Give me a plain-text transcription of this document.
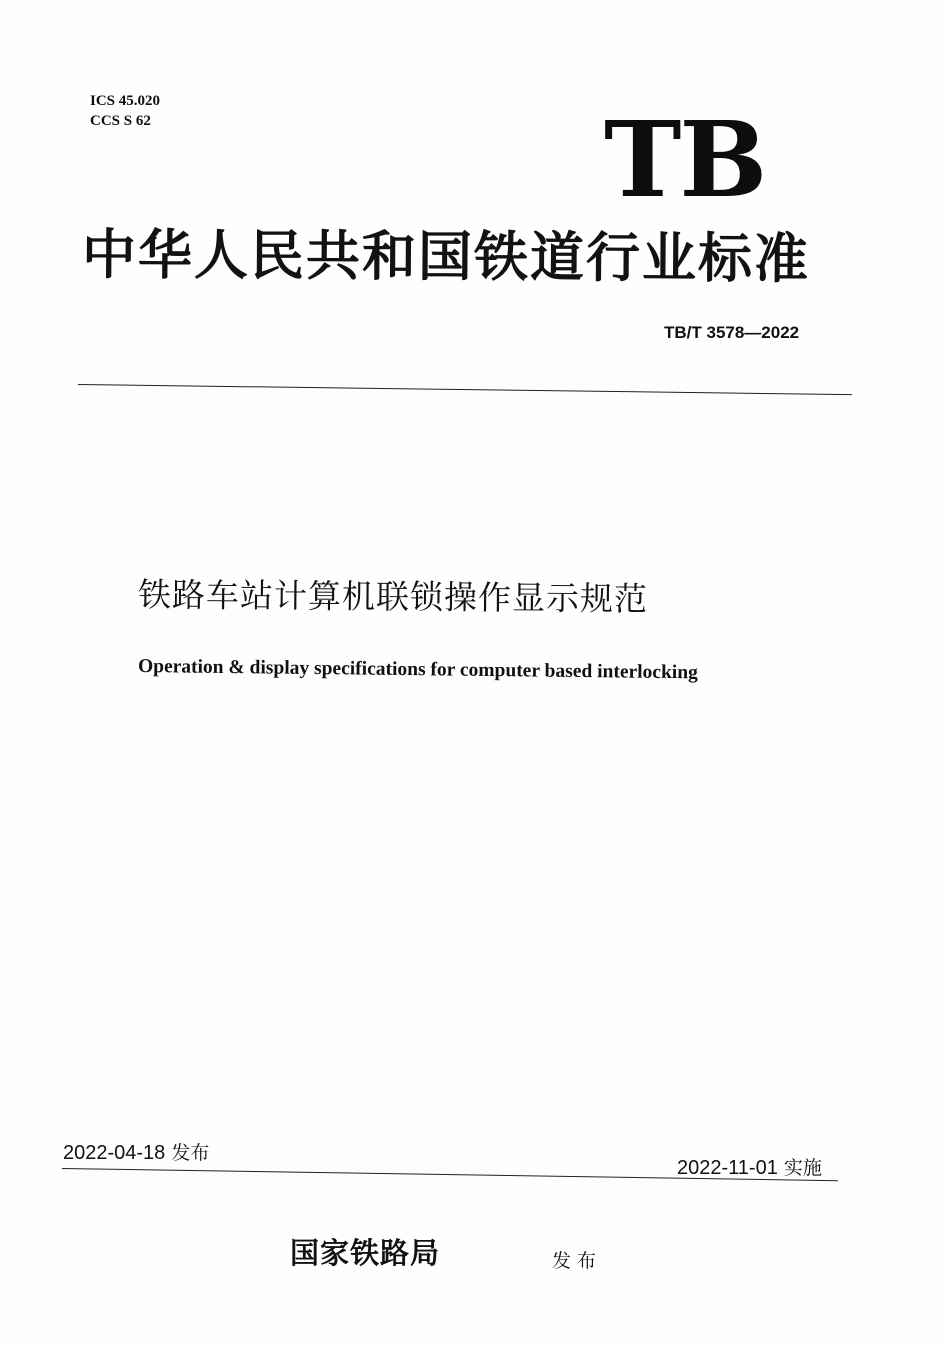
ICS 45.020
CCS S 62	TB
中华人民共和国铁道行业标准
TB/T 3578—2022
铁路车站计算机联锁操作显示规范
Operation & display specifications for computer based interlocking
2022-04-18 发布
2022-11-01 实施
国家铁路局	发布
